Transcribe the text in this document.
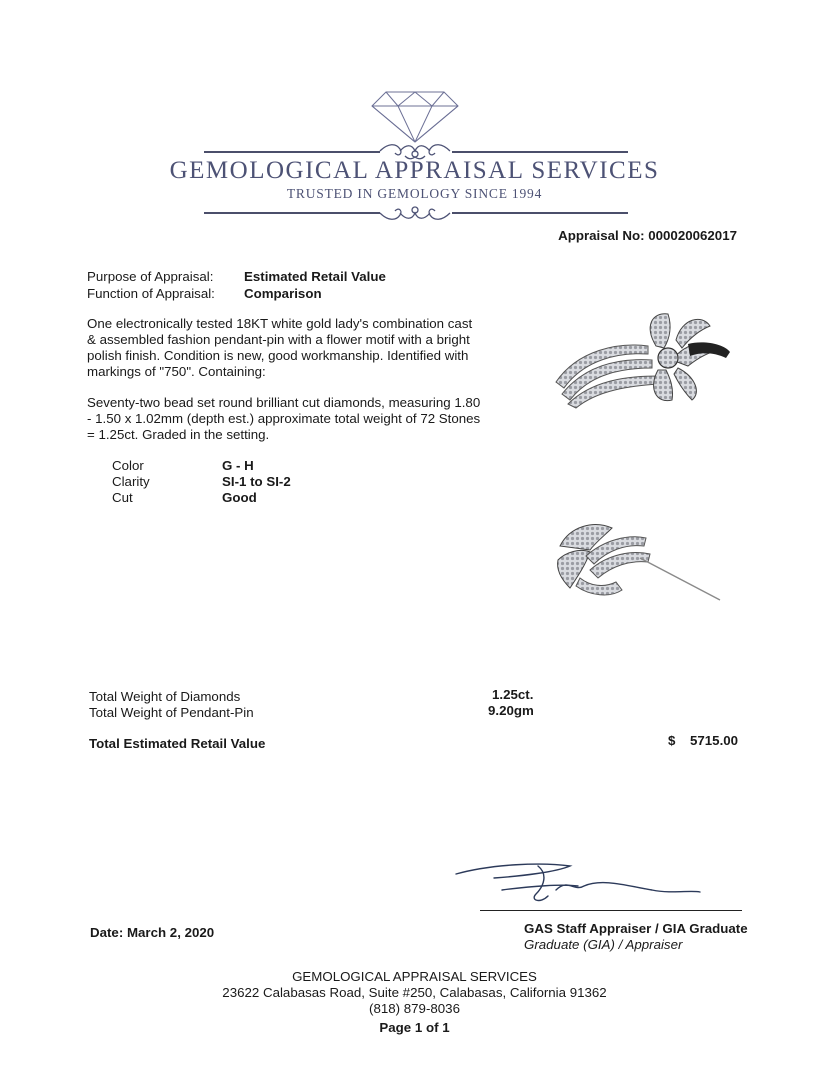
GEMOLOGICAL APPRAISAL SERVICES
TRUSTED IN GEMOLOGY SINCE 1994
Appraisal No: 000020062017
Purpose of Appraisal:	Estimated Retail Value
Function of Appraisal:	Comparison
One electronically tested 18KT white gold lady's combination cast
& assembled fashion pendant-pin with a flower motif with a bright
polish finish. Condition is new, good workmanship. Identified with
markings of "750". Containing:
Seventy-two bead set round brilliant cut diamonds, measuring 1.80
- 1.50 x 1.02mm (depth est.) approximate total weight of 72 Stones
= 1.25ct. Graded in the setting.
Color	G - H
Clarity	SI-1 to SI-2
Cut	Good
Total Weight of Diamonds	1.25ct.
Total Weight of Pendant-Pin	9.20gm
Total Estimated Retail Value	$ 5715.00
Date: March 2, 2020	GAS Staff Appraiser / GIA Graduate
Graduate (GIA) / Appraiser
GEMOLOGICAL APPRAISAL SERVICES
23622 Calabasas Road, Suite #250, Calabasas, California 91362
(818) 879-8036
Page 1 of 1
